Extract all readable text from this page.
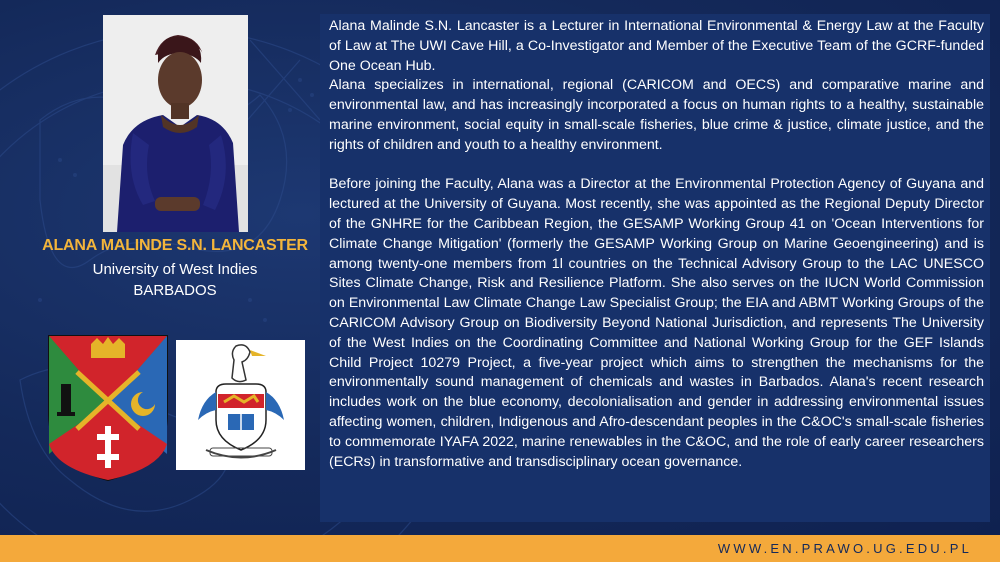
ALANA MALINDE S.N. LANCASTER
University of West Indies
BARBADOS

Alana Malinde S.N. Lancaster is a Lecturer in International Environmental & Energy Law at the Faculty of Law at The UWI Cave Hill, a Co-Investigator and Member of the Executive Team of the GCRF-funded One Ocean Hub.

Alana specializes in international, regional (CARICOM and OECS) and comparative marine and environmental law, and has increasingly incorporated a focus on human rights to a healthy, sustainable marine environment, social equity in small-scale fisheries, blue crime & justice, climate justice, and the rights of children and youth to a healthy environment.

Before joining the Faculty, Alana was a Director at the Environmental Protection Agency of Guyana and lectured at the University of Guyana. Most recently, she was appointed as the Regional Deputy Director of the GNHRE for the Caribbean Region, the GESAMP Working Group 41 on 'Ocean Interventions for Climate Change Mitigation' (formerly the GESAMP Working Group on Marine Geoengineering) and is among twenty-one members from 1l countries on the Technical Advisory Group to the LAC UNESCO Sites Climate Change, Risk and Resilience Platform. She also serves on the IUCN World Commission on Environmental Law Climate Change Law Specialist Group; the EIA and ABMT Working Groups of the CARICOM Advisory Group on Biodiversity Beyond National Jurisdiction, and represents The University of the West Indies on the Coordinating Committee and National Working Group for the GEF Islands Child Project 10279 Project, a five-year project which aims to strengthen the mechanisms for the environmentally sound management of chemicals and wastes in Barbados. Alana's recent research includes work on the blue economy, decolonialisation and gender in addressing environmental issues affecting women, children, Indigenous and Afro-descendant peoples in the C&OC's small-scale fisheries to commemorate IYAFA 2022, marine renewables in the C&OC, and the role of early career researchers (ECRs) in transformative and transdisciplinary ocean governance.

WWW.EN.PRAWO.UG.EDU.PL
